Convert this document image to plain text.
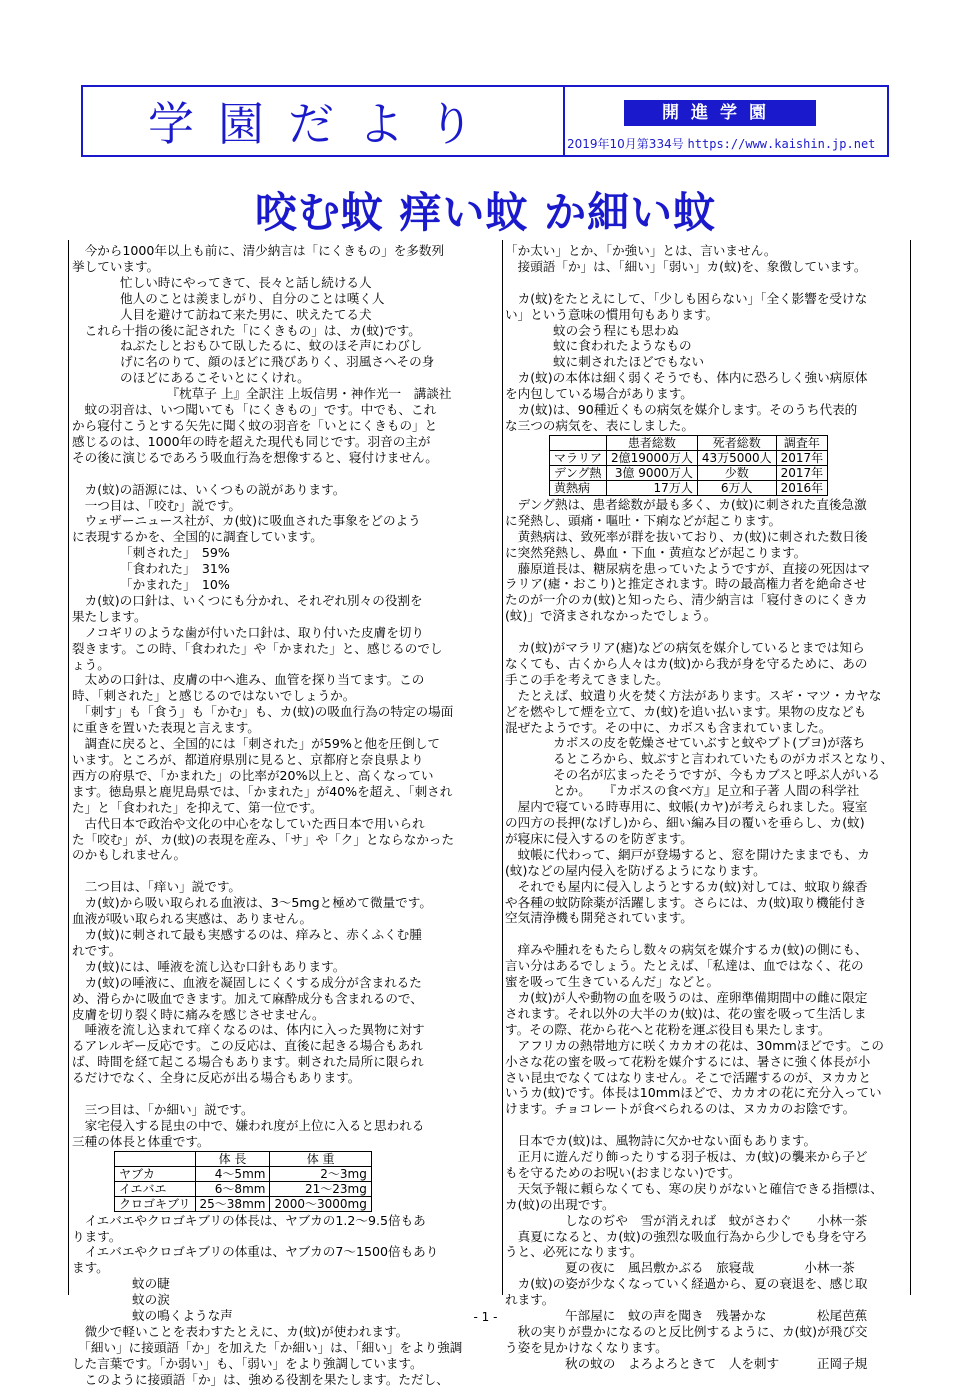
学園だより	開進学園
2019年10月第334号 https://www.kaishin.jp.net
咬む蚊 痒い蚊 か細い蚊

　今から1000年以上も前に、清少納言は「にくきもの」を多数列

挙しています。

忙しい時にやってきて、長々と話し続ける人

他人のことは羨ましがり、自分のことは嘆く人

人目を避けて訪ねて来た男に、吠えたてる犬

　これら十指の後に記された「にくきもの」は、カ(蚊)です。

ねぶたしとおもひて臥したるに、蚊のほそ声にわびし

げに名のりて、顔のほどに飛びありく、羽風さへその身

のほどにあるこそいとにくけれ。

　　　　　　　　『枕草子 上』全訳注 上坂信男・神作光一　講談社

　蚊の羽音は、いつ聞いても「にくきもの」です。中でも、これ

から寝付こうとする矢先に聞く蚊の羽音を「いとにくきもの」と

感じるのは、1000年の時を超えた現代も同じです。羽音の主が

その後に演じるであろう吸血行為を想像すると、寝付けません。

　カ(蚊)の語源には、いくつもの説があります。

　一つ目は、「咬む」説です。

　ウェザーニュース社が、カ(蚊)に吸血された事象をどのよう

に表現するかを、全国的に調査しています。

「刺された」　59%

「食われた」　31%

「かまれた」　10%

　カ(蚊)の口針は、いくつにも分かれ、それぞれ別々の役割を

果たします。

　ノコギリのような歯が付いた口針は、取り付いた皮膚を切り

裂きます。この時、「食われた」や「かまれた」と、感じるのでし

ょう。

　太めの口針は、皮膚の中へ進み、血管を探り当てます。この

時、「刺された」と感じるのではないでしょうか。

　「刺す」も「食う」も「かむ」も、カ(蚊)の吸血行為の特定の場面

に重きを置いた表現と言えます。

　調査に戻ると、全国的には「刺された」が59%と他を圧倒して

います。ところが、都道府県別に見ると、京都府と奈良県より

西方の府県で、「かまれた」の比率が20%以上と、高くなってい

ます。徳島県と鹿児島県では、「かまれた」が40%を超え、「刺され

た」と「食われた」を抑えて、第一位です。

　古代日本で政治や文化の中心をなしていた西日本で用いられ

た「咬む」が、カ(蚊)の表現を産み、「サ」や「ク」とならなかった

のかもしれません。

　二つ目は、「痒い」説です。

　カ(蚊)から吸い取られる血液は、3～5mgと極めて微量です。

血液が吸い取られる実感は、ありません。

　カ(蚊)に刺されて最も実感するのは、痒みと、赤くふくむ腫

れです。

　カ(蚊)には、唾液を流し込む口針もあります。

　カ(蚊)の唾液に、血液を凝固しにくくする成分が含まれるた

め、滑らかに吸血できます。加えて麻酔成分も含まれるので、

皮膚を切り裂く時に痛みを感じさせません。

　唾液を流し込まれて痒くなるのは、体内に入った異物に対す

るアレルギー反応です。この反応は、直後に起きる場合もあれ

ば、時間を経て起こる場合もあります。刺された局所に限られ

るだけでなく、全身に反応が出る場合もあります。

　三つ目は、「か細い」説です。

　家宅侵入する昆虫の中で、嫌われ度が上位に入ると思われる

三種の体長と体重です。

	体 長	体 重
ヤブカ	4～5mm	2～3mg
イエバエ	6～8mm	21～23mg
クロゴキブリ	25～38mm	2000～3000mg

　イエバエやクロゴキブリの体長は、ヤブカの1.2～9.5倍もあ

ります。

　イエバエやクロゴキブリの体重は、ヤブカの7～1500倍もあり

ます。

蚊の睫

蚊の涙

蚊の鳴くような声

　微少で軽いことを表わすたとえに、カ(蚊)が使われます。

　「細い」に接頭語「か」を加えた「か細い」は、「細い」をより強調

した言葉です。「か弱い」も、「弱い」をより強調しています。

　このように接頭語「か」は、強める役割を果たします。ただし、

「か太い」とか、「か強い」とは、言いません。

　接頭語「か」は、「細い」「弱い」カ(蚊)を、象徴しています。

　カ(蚊)をたとえにして、「少しも困らない」「全く影響を受けな

い」という意味の慣用句もあります。

蚊の会う程にも思わぬ

蚊に食われたようなもの

蚊に刺されたほどでもない

　カ(蚊)の本体は細く弱くそうでも、体内に恐ろしく強い病原体

を内包している場合があります。

　カ(蚊)は、90種近くもの病気を媒介します。そのうち代表的

な三つの病気を、表にしました。

	患者総数	死者総数	調査年
マラリア	2億19000万人	43万5000人	2017年
デング熱	3億 9000万人	少数	2017年
黄熱病	17万人	6万人	2016年

　デング熱は、患者総数が最も多く、カ(蚊)に刺された直後急激

に発熱し、頭痛・嘔吐・下痢などが起こります。

　黄熱病は、致死率が群を抜いており、カ(蚊)に刺された数日後

に突然発熱し、鼻血・下血・黄疸などが起こります。

　藤原道長は、糖尿病を患っていたようですが、直接の死因はマ

ラリア(瘧・おこり)と推定されます。時の最高権力者を絶命させ

たのが一介のカ(蚊)と知ったら、清少納言は「寝付きのにくきカ

(蚊)」で済まされなかったでしょう。

　カ(蚊)がマラリア(瘧)などの病気を媒介しているとまでは知ら

なくても、古くから人々はカ(蚊)から我が身を守るために、あの

手この手を考えてきました。

　たとえば、蚊遣り火を焚く方法があります。スギ・マツ・カヤな

どを燃やして煙を立て、カ(蚊)を追い払います。果物の皮なども

混ぜたようです。その中に、カボスも含まれていました。

カボスの皮を乾燥させていぶすと蚊やブト(ブヨ)が落ち

るところから、蚊ぶすと言われていたものがカボスとなり、

その名が広まったそうですが、今もカブスと呼ぶ人がいる

とか。　　『カボスの食べ方』足立和子著 人間の科学社

　屋内で寝ている時専用に、蚊帳(カヤ)が考えられました。寝室

の四方の長押(なげし)から、細い編み目の覆いを垂らし、カ(蚊)

が寝床に侵入するのを防ぎます。

　蚊帳に代わって、網戸が登場すると、窓を開けたままでも、カ

(蚊)などの屋内侵入を防げるようになります。

　それでも屋内に侵入しようとするカ(蚊)対しては、蚊取り線香

や各種の蚊防除薬が活躍します。さらには、カ(蚊)取り機能付き

空気清浄機も開発されています。

　痒みや腫れをもたらし数々の病気を媒介するカ(蚊)の側にも、

言い分はあるでしょう。たとえば、「私達は、血ではなく、花の

蜜を吸って生きているんだ」などと。

　カ(蚊)が人や動物の血を吸うのは、産卵準備期間中の雌に限定

されます。それ以外の大半のカ(蚊)は、花の蜜を吸って生活しま

す。その際、花から花へと花粉を運ぶ役目も果たします。

　アフリカの熱帯地方に咲くカカオの花は、30mmほどです。この

小さな花の蜜を吸って花粉を媒介するには、暑さに強く体長が小

さい昆虫でなくてはなりません。そこで活躍するのが、ヌカカと

いうカ(蚊)です。体長は10mmほどで、カカオの花に充分入ってい

けます。チョコレートが食べられるのは、ヌカカのお陰です。

　日本でカ(蚊)は、風物詩に欠かせない面もあります。

　正月に遊んだり飾ったりする羽子板は、カ(蚊)の襲来から子ど

もを守るためのお呪い(おまじない)です。

　天気予報に頼らなくても、寒の戻りがないと確信できる指標は、

カ(蚊)の出現です。

しなのぢや　雪が消えれば　蚊がさわぐ　　小林一茶

　真夏になると、カ(蚊)の強烈な吸血行為から少しでも身を守ろ

うと、必死になります。

夏の夜に　風呂敷かぶる　旅寝哉　　　　小林一茶

　カ(蚊)の姿が少なくなっていく経過から、夏の衰退を、感じ取

れます。

午部屋に　蚊の声を聞き　残暑かな　　　　松尾芭蕉

　秋の実りが豊かになるのと反比例するように、カ(蚊)が飛び交

う姿を見かけなくなります。

秋の蚊の　よろよろときて　人を刺す　　　正岡子規

- 1 -
